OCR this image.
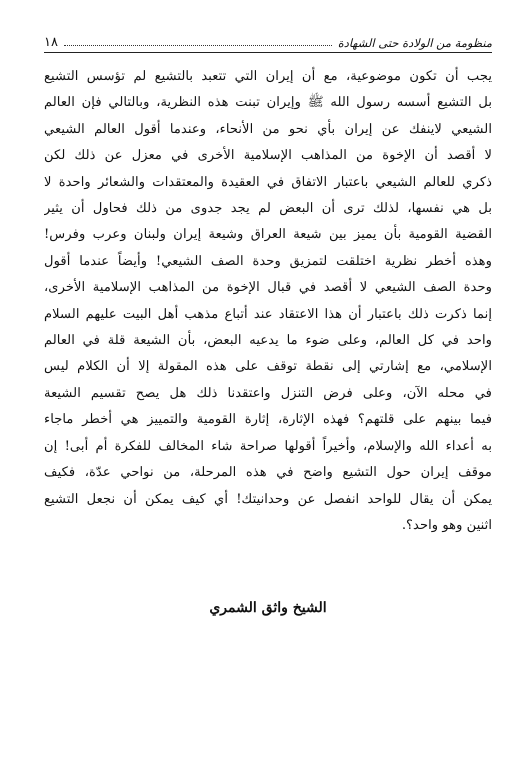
منظومة من الولادة حتى الشهادة
١٨
يجب أن تكون موضوعية، مع أن إيران التي تتعبد بالتشيع لم تؤسس التشيع
بل التشيع أسسه رسول الله ﷺ وإيران تبنت هذه النظرية، وبالتالي فإن العالم
الشيعي لاينفك عن إيران بأي نحو من الأنحاء، وعندما أقول العالم الشيعي
لا أقصد أن الإخوة من المذاهب الإسلامية الأخرى في معزل عن ذلك لكن
ذكري للعالم الشيعي باعتبار الاتفاق في العقيدة والمعتقدات والشعائر واحدة لا
بل هي نفسها، لذلك ترى أن البعض لم يجد جدوى من ذلك فحاول أن يثير
القضية القومية بأن يميز بين شيعة العراق وشيعة إيران ولبنان وعرب وفرس!
وهذه أخطر نظرية اختلقت لتمزيق وحدة الصف الشيعي! وأيضاً عندما أقول
وحدة الصف الشيعي لا أقصد في قبال الإخوة من المذاهب الإسلامية الأخرى،
إنما ذكرت ذلك باعتبار أن هذا الاعتقاد عند أتباع مذهب أهل البيت عليهم السلام
واحد في كل العالم، وعلى ضوء ما يدعيه البعض، بأن الشيعة قلة في العالم
الإسلامي، مع إشارتي إلى نقطة توقف على هذه المقولة إلا أن الكلام ليس
في محله الآن، وعلى فرض التنزل واعتقدنا ذلك هل يصح تقسيم الشيعة
فيما بينهم على قلتهم؟ فهذه الإثارة، إثارة القومية والتمييز هي أخطر ماجاء
به أعداء الله والإسلام، وأخيراً أقولها صراحة شاء المخالف للفكرة أم أبى! إن
موقف إيران حول التشيع واضح في هذه المرحلة، من نواحي عدّة، فكيف
يمكن أن يقال للواحد انفصل عن وحدانيتك! أي كيف يمكن أن نجعل التشيع
اثنين وهو واحد؟.
الشيخ واثق الشمري
